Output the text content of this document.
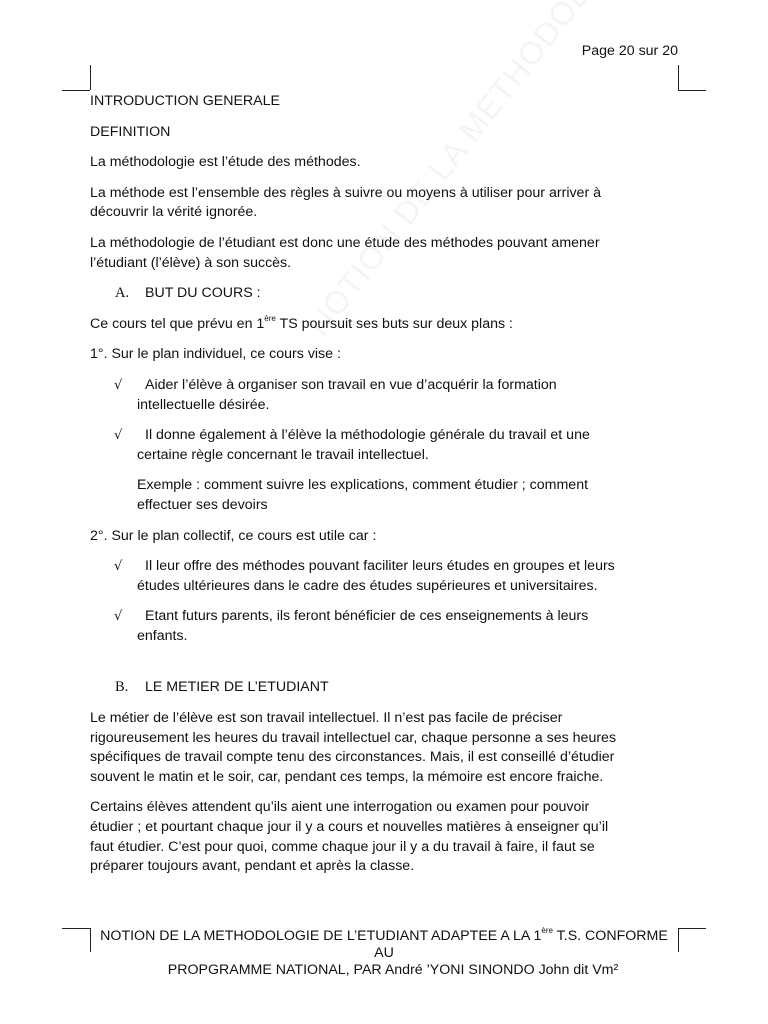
Page 20 sur 20
INTRODUCTION GENERALE
DEFINITION
La méthodologie est l’étude des méthodes.
La méthode est l’ensemble des règles à suivre ou moyens à utiliser pour arriver à
découvrir la vérité ignorée.
La méthodologie de l’étudiant est donc une étude des méthodes pouvant amener
l’étudiant (l’élève) à son succès.
A. BUT DU COURS :
Ce cours tel que prévu en 1ère TS poursuit ses buts sur deux plans :
1°. Sur le plan individuel, ce cours vise :
√	Aider l’élève à organiser son travail en vue d’acquérir la formation
intellectuelle désirée.
√	Il donne également à l’élève la méthodologie générale du travail et une
certaine règle concernant le travail intellectuel.
Exemple : comment suivre les explications, comment étudier ; comment
effectuer ses devoirs
2°. Sur le plan collectif, ce cours est utile car :
√	Il leur offre des méthodes pouvant faciliter leurs études en groupes et leurs
études ultérieures dans le cadre des études supérieures et universitaires.
√	Etant futurs parents, ils feront bénéficier de ces enseignements à leurs
enfants.
B. LE METIER DE L’ETUDIANT
Le métier de l’élève est son travail intellectuel. Il n’est pas facile de préciser
rigoureusement les heures du travail intellectuel car, chaque personne a ses heures
spécifiques de travail compte tenu des circonstances. Mais, il est conseillé d’étudier
souvent le matin et le soir, car, pendant ces temps, la mémoire est encore fraiche.
Certains élèves attendent qu’ils aient une interrogation ou examen pour pouvoir
étudier ; et pourtant chaque jour il y a cours et nouvelles matières à enseigner qu’il
faut étudier. C’est pour quoi, comme chaque jour il y a du travail à faire, il faut se
préparer toujours avant, pendant et après la classe.
NOTION DE LA METHODOLOGIE DE L’ETUDIANT ADAPTEE A LA 1ère T.S. CONFORME
AU
PROPGRAMME NATIONAL, PAR André ’YONI SINONDO John dit Vm²
